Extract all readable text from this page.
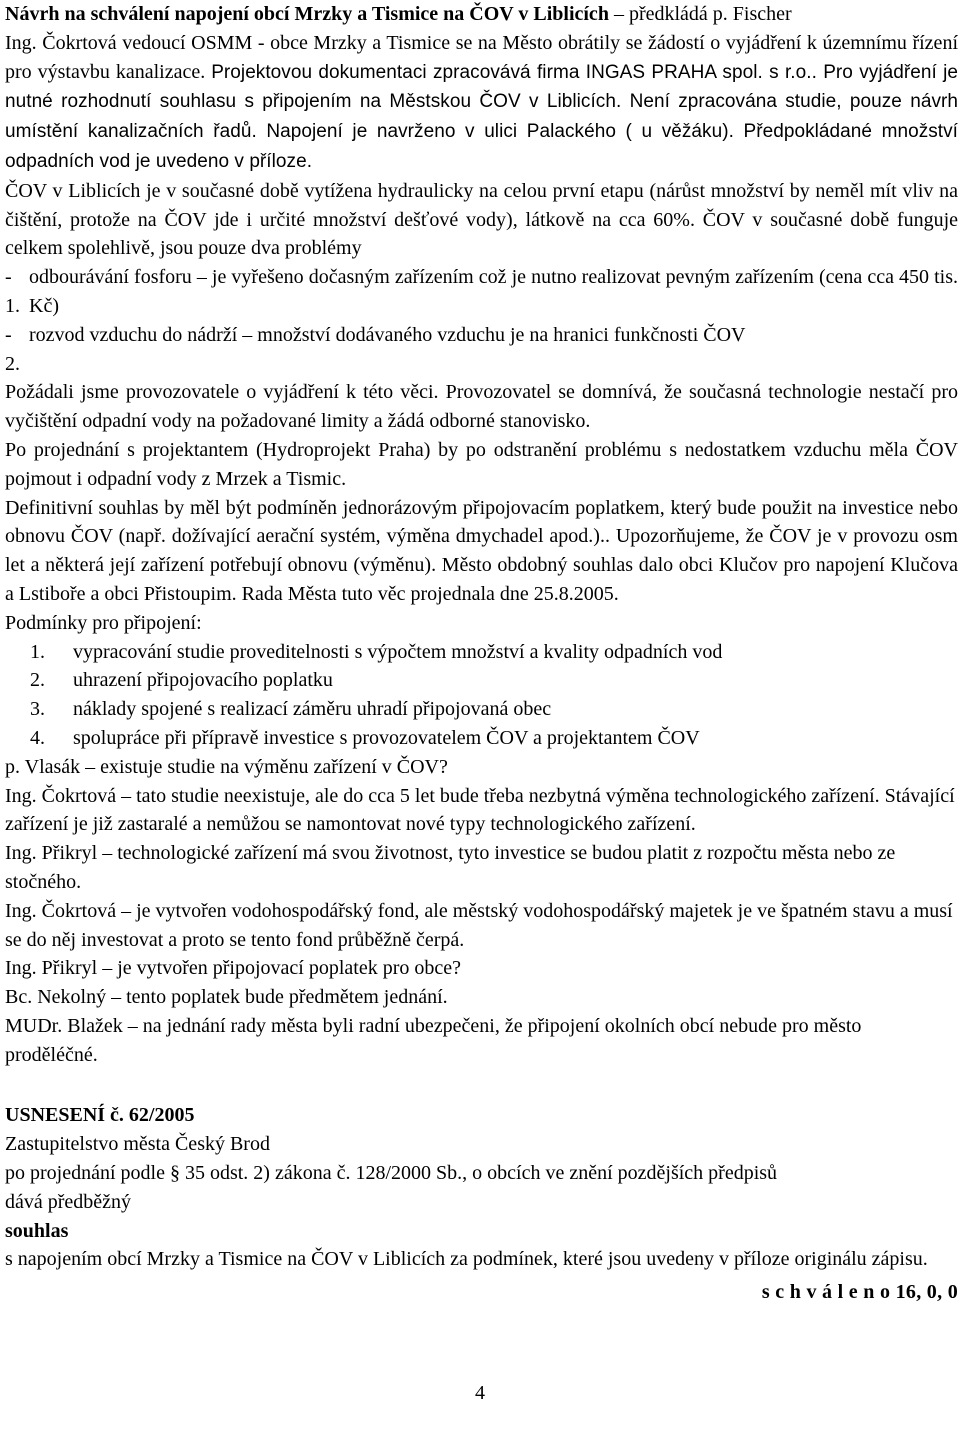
Návrh na schválení napojení obcí Mrzky a Tismice na ČOV v Liblicích – předkládá p. Fischer

Ing. Čokrtová vedoucí OSMM - obce Mrzky a Tismice se na Město obrátily se žádostí o vyjádření k územnímu řízení pro výstavbu kanalizace. Projektovou dokumentaci zpracovává firma INGAS PRAHA spol. s r.o.. Pro vyjádření je nutné rozhodnutí souhlasu s připojením na Městskou ČOV v Liblicích. Není zpracována studie, pouze návrh umístění kanalizačních řadů. Napojení je navrženo v ulici Palackého ( u věžáku). Předpokládané množství odpadních vod je uvedeno v příloze.

ČOV v Liblicích je v současné době vytížena hydraulicky na celou první etapu (nárůst množství by neměl mít vliv na čištění, protože na ČOV jde i určité množství dešťové vody), látkově na cca 60%. ČOV v současné době funguje celkem spolehlivě, jsou pouze dva problémy

- 1.
odbourávání fosforu – je vyřešeno dočasným zařízením což je nutno realizovat pevným zařízením (cena cca 450 tis. Kč)
- 2.
rozvod vzduchu do nádrží – množství dodávaného vzduchu je na hranici funkčnosti ČOV

Požádali jsme provozovatele o vyjádření k této věci. Provozovatel se domnívá, že současná technologie nestačí pro vyčištění odpadní vody na požadované limity a žádá odborné stanovisko.

Po projednání s projektantem (Hydroprojekt Praha) by po odstranění problému s nedostatkem vzduchu měla ČOV pojmout i odpadní vody z Mrzek a Tismic.

Definitivní souhlas by měl být podmíněn jednorázovým připojovacím poplatkem, který bude použit na investice nebo obnovu ČOV (např. dožívající aerační systém, výměna dmychadel apod.).. Upozorňujeme, že ČOV je v provozu osm let a některá její zařízení potřebují obnovu (výměnu). Město obdobný souhlas dalo obci Klučov pro napojení Klučova a Lstibořе a obci Přistoupim. Rada Města tuto věc projednala dne 25.8.2005.

Podmínky pro připojení:

1. vypracování studie proveditelnosti s výpočtem množství a kvality odpadních vod
2. uhrazení připojovacího poplatku
3. náklady spojené s realizací záměru uhradí připojovaná obec
4. spolupráce při přípravě investice s provozovatelem ČOV a projektantem ČOV

p. Vlasák – existuje studie na výměnu zařízení v ČOV?

Ing. Čokrtová – tato studie neexistuje, ale do cca 5 let bude třeba nezbytná výměna technologického zařízení. Stávající zařízení je již zastaralé a nemůžou se namontovat nové typy technologického zařízení.

Ing. Přikryl – technologické zařízení má svou životnost, tyto investice se budou platit z rozpočtu města nebo ze stočného.

Ing. Čokrtová – je vytvořen vodohospodářský fond, ale městský vodohospodářský majetek je ve špatném stavu a musí se do něj investovat a proto se tento fond průběžně čerpá.

Ing. Přikryl – je vytvořen připojovací poplatek pro obce?

Bc. Nekolný – tento poplatek bude předmětem jednání.

MUDr. Blažek – na jednání rady města byli radní ubezpečeni, že připojení okolních obcí nebude pro město proděléčné.

USNESENÍ č. 62/2005

Zastupitelstvo města Český Brod

po projednání podle § 35 odst. 2) zákona č. 128/2000 Sb., o obcích ve znění pozdějších předpisů

dává předběžný

souhlas

s napojením obcí Mrzky a Tismice na ČOV v Liblicích za podmínek, které jsou uvedeny v příloze originálu zápisu.

s c h v á l e n o 16, 0, 0

4
